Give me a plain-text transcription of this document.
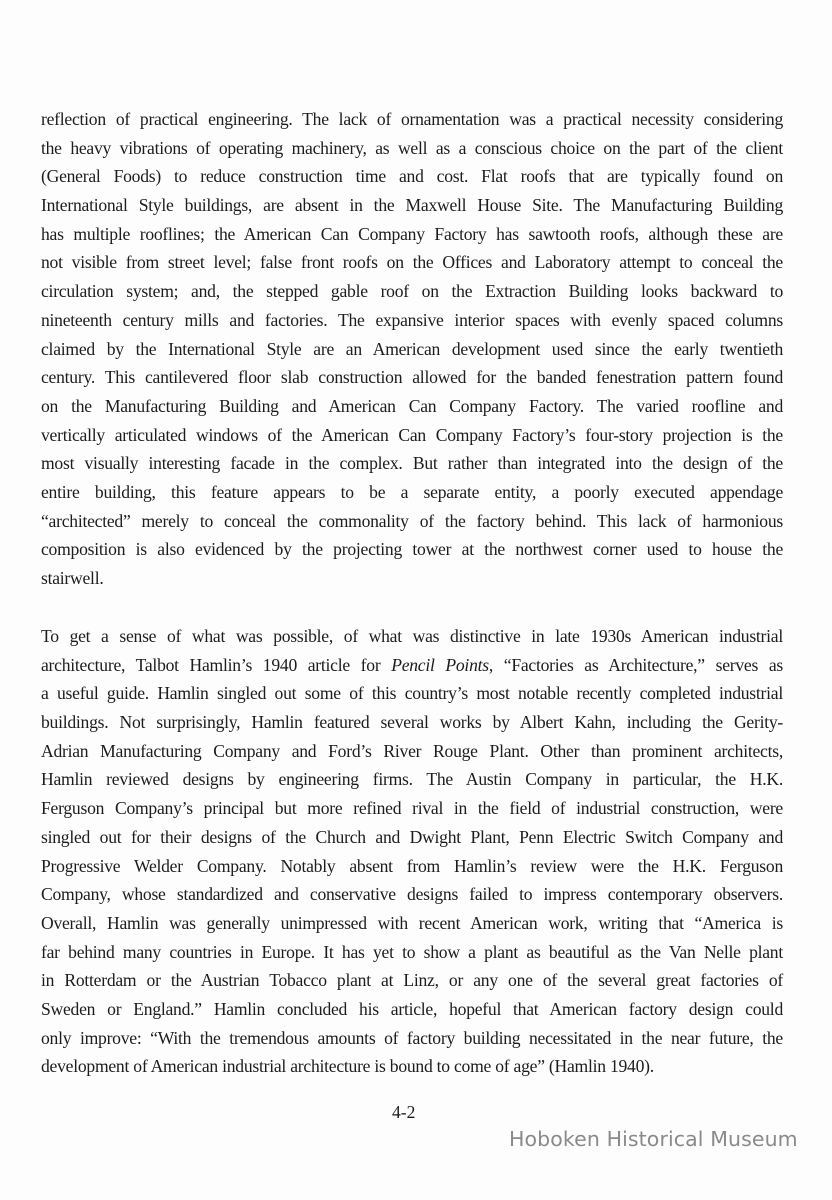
reflection of practical engineering. The lack of ornamentation was a practical necessity considering
the heavy vibrations of operating machinery, as well as a conscious choice on the part of the client
(General Foods) to reduce construction time and cost. Flat roofs that are typically found on
International Style buildings, are absent in the Maxwell House Site. The Manufacturing Building
has multiple rooflines; the American Can Company Factory has sawtooth roofs, although these are
not visible from street level; false front roofs on the Offices and Laboratory attempt to conceal the
circulation system; and, the stepped gable roof on the Extraction Building looks backward to
nineteenth century mills and factories. The expansive interior spaces with evenly spaced columns
claimed by the International Style are an American development used since the early twentieth
century. This cantilevered floor slab construction allowed for the banded fenestration pattern found
on the Manufacturing Building and American Can Company Factory. The varied roofline and
vertically articulated windows of the American Can Company Factory’s four-story projection is the
most visually interesting facade in the complex. But rather than integrated into the design of the
entire building, this feature appears to be a separate entity, a poorly executed appendage
“architected” merely to conceal the commonality of the factory behind. This lack of harmonious
composition is also evidenced by the projecting tower at the northwest corner used to house the
stairwell.
To get a sense of what was possible, of what was distinctive in late 1930s American industrial
architecture, Talbot Hamlin’s 1940 article for Pencil Points, “Factories as Architecture,” serves as
a useful guide. Hamlin singled out some of this country’s most notable recently completed industrial
buildings. Not surprisingly, Hamlin featured several works by Albert Kahn, including the Gerity-
Adrian Manufacturing Company and Ford’s River Rouge Plant. Other than prominent architects,
Hamlin reviewed designs by engineering firms. The Austin Company in particular, the H.K.
Ferguson Company’s principal but more refined rival in the field of industrial construction, were
singled out for their designs of the Church and Dwight Plant, Penn Electric Switch Company and
Progressive Welder Company. Notably absent from Hamlin’s review were the H.K. Ferguson
Company, whose standardized and conservative designs failed to impress contemporary observers.
Overall, Hamlin was generally unimpressed with recent American work, writing that “America is
far behind many countries in Europe. It has yet to show a plant as beautiful as the Van Nelle plant
in Rotterdam or the Austrian Tobacco plant at Linz, or any one of the several great factories of
Sweden or England.” Hamlin concluded his article, hopeful that American factory design could
only improve: “With the tremendous amounts of factory building necessitated in the near future, the
development of American industrial architecture is bound to come of age” (Hamlin 1940).
4-2
Hoboken Historical Museum
